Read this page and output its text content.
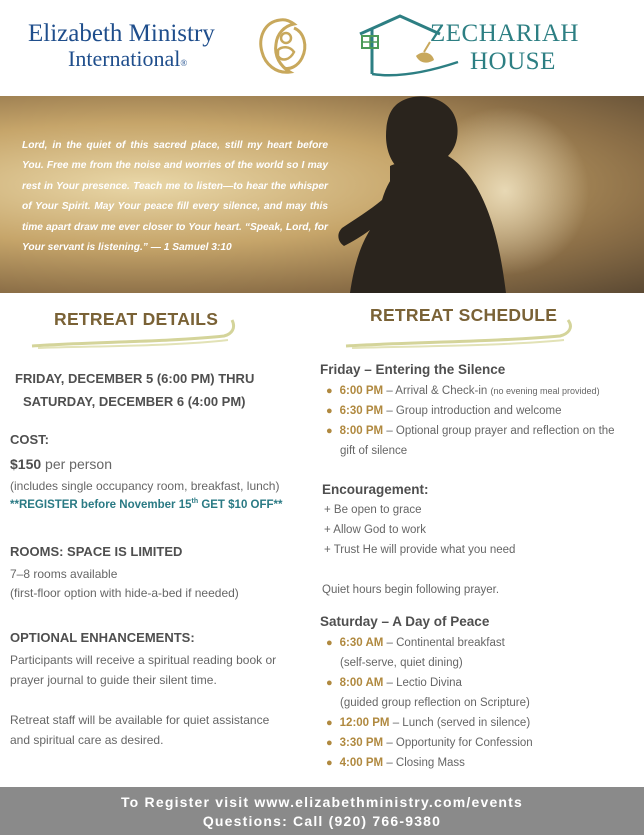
Elizabeth Ministry
International®
ZECHARIAH
HOUSE
Lord, in the quiet of this sacred place, still my heart before You. Free me from the noise and worries of the world so I may rest in Your presence. Teach me to listen—to hear the whisper of Your Spirit. May Your peace fill every silence, and may this time apart draw me ever closer to Your heart. “Speak, Lord, for Your servant is listening.” — 1 Samuel 3:10
RETREAT DETAILS
FRIDAY, DECEMBER 5 (6:00 PM) THRU
SATURDAY, DECEMBER 6 (4:00 PM)
COST:
$150 per person
(includes single occupancy room, breakfast, lunch)
**REGISTER before November 15th GET $10 OFF**
ROOMS: SPACE IS LIMITED
7–8 rooms available
(first-floor option with hide-a-bed if needed)
OPTIONAL ENHANCEMENTS:
Participants will receive a spiritual reading book or
prayer journal to guide their silent time.
Retreat staff will be available for quiet assistance
and spiritual care as desired.
RETREAT SCHEDULE
Friday – Entering the Silence
● 6:00 PM – Arrival & Check-in (no evening meal provided)
● 6:30 PM – Group introduction and welcome
● 8:00 PM – Optional group prayer and reflection on the
gift of silence
Encouragement:
+ Be open to grace
+ Allow God to work
+ Trust He will provide what you need
Quiet hours begin following prayer.
Saturday – A Day of Peace
● 6:30 AM – Continental breakfast
(self-serve, quiet dining)
● 8:00 AM – Lectio Divina
(guided group reflection on Scripture)
● 12:00 PM – Lunch (served in silence)
● 3:30 PM – Opportunity for Confession
● 4:00 PM – Closing Mass
To Register visit www.elizabethministry.com/events
Questions: Call (920) 766-9380
